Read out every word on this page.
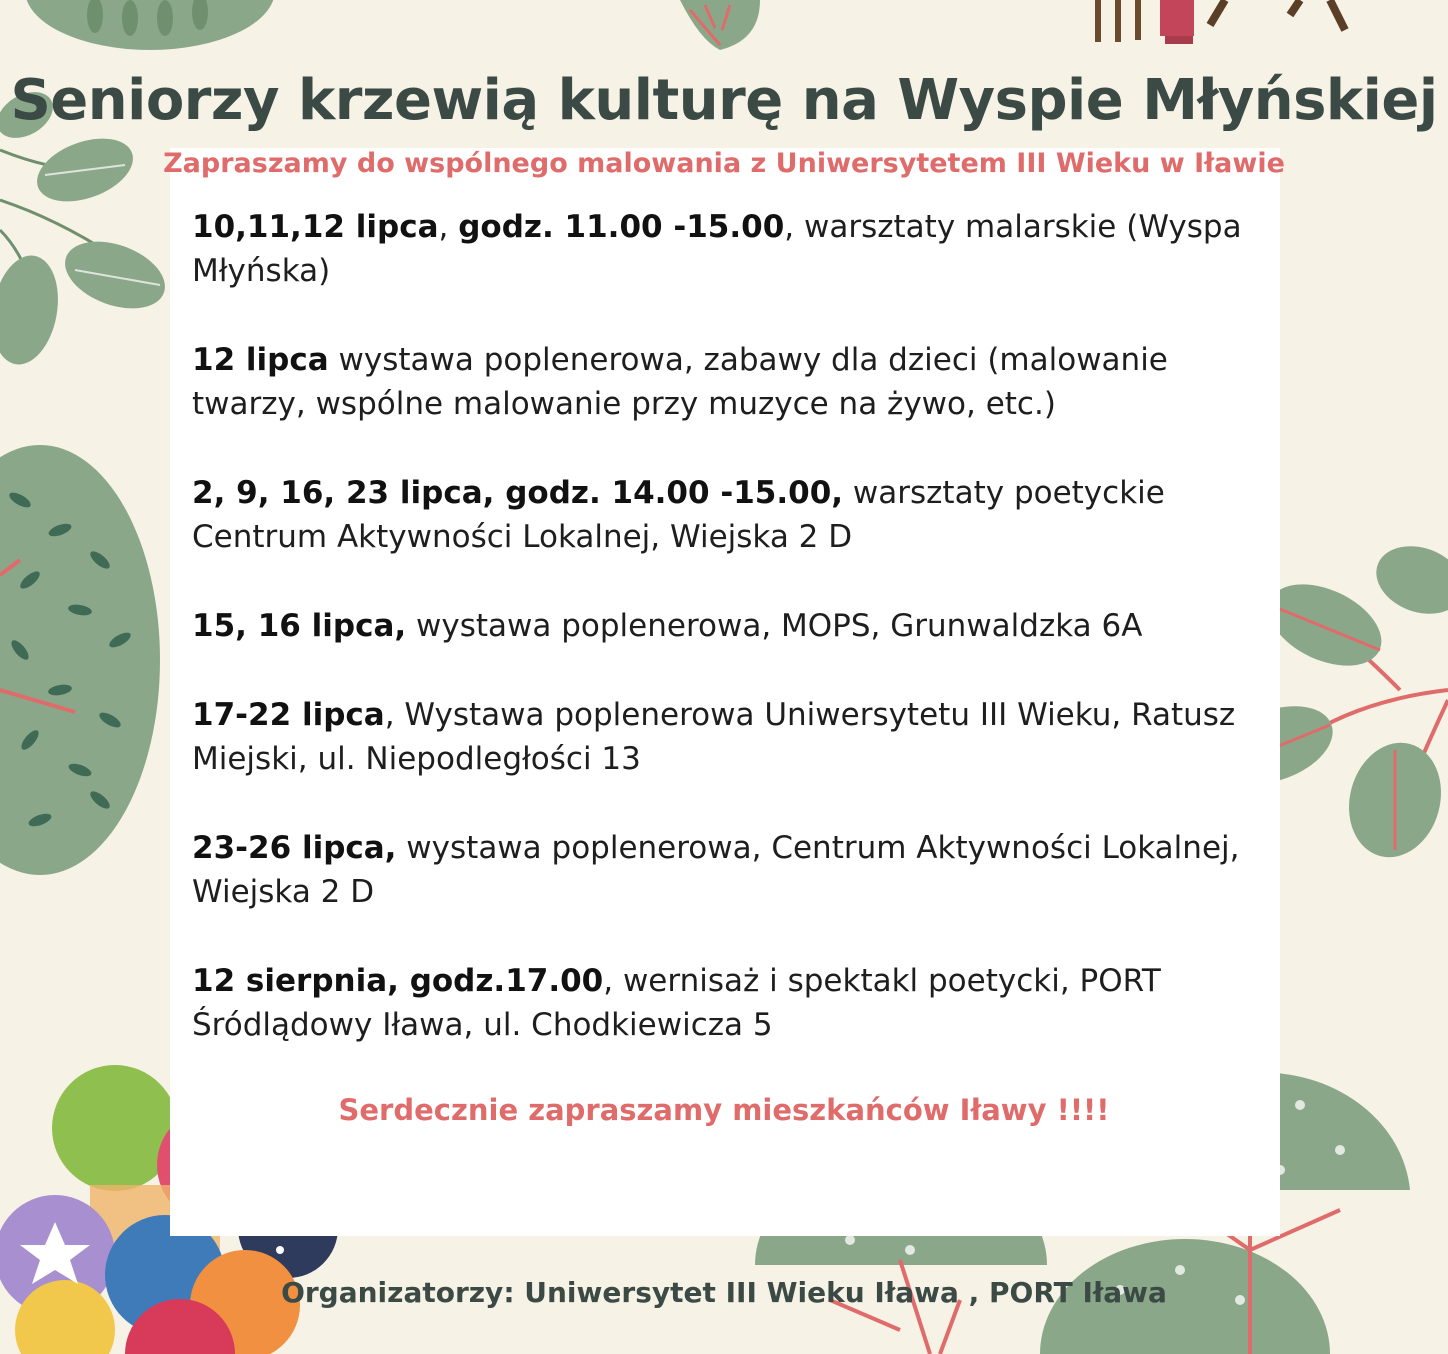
Seniorzy krzewią kulturę na Wyspie Młyńskiej

Zapraszamy do wspólnego malowania z Uniwersytetem III Wieku w Iławie

10,11,12 lipca, godz. 11.00 -15.00, warsztaty malarskie (Wyspa Młyńska)
12 lipca wystawa poplenerowa, zabawy dla dzieci (malowanie twarzy, wspólne malowanie przy muzyce na żywo, etc.)
2, 9, 16, 23 lipca, godz. 14.00 -15.00, warsztaty poetyckie Centrum Aktywności Lokalnej, Wiejska 2 D
15, 16 lipca, wystawa poplenerowa, MOPS, Grunwaldzka 6A
17-22 lipca, Wystawa poplenerowa Uniwersytetu III Wieku, Ratusz Miejski, ul. Niepodległości 13
23-26 lipca, wystawa poplenerowa, Centrum Aktywności Lokalnej, Wiejska 2 D
12 sierpnia, godz.17.00, wernisaż i spektakl poetycki, PORT Śródlądowy Iława, ul. Chodkiewicza 5

Serdecznie zapraszamy mieszkańców Iławy !!!!

Organizatorzy: Uniwersytet III Wieku Iława , PORT Iława
